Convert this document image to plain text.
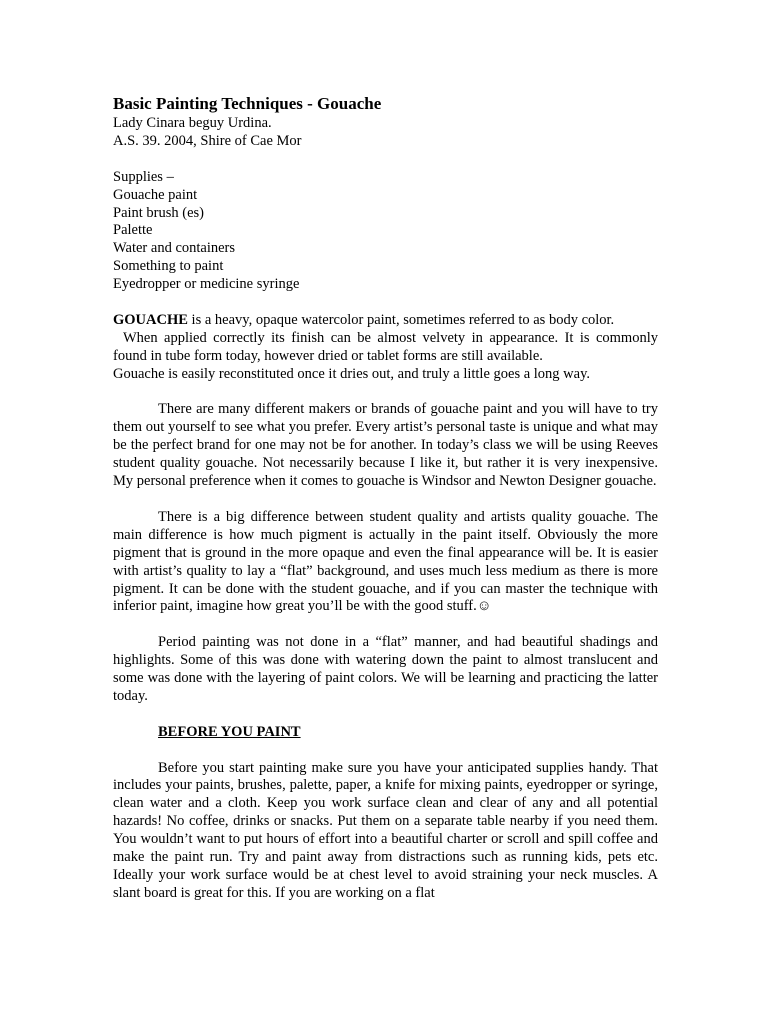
Basic Painting Techniques - Gouache

Lady Cinara beguy Urdina.

A.S. 39. 2004, Shire of Cae Mor

Supplies –

Gouache paint

Paint brush (es)

Palette

Water and containers

Something to paint

Eyedropper or medicine syringe

GOUACHE is a heavy, opaque watercolor paint, sometimes referred to as body color.

When applied correctly its finish can be almost velvety in appearance. It is commonly found in tube form today, however dried or tablet forms are still available.

Gouache is easily reconstituted once it dries out, and truly a little goes a long way.

There are many different makers or brands of gouache paint and you will have to try them out yourself to see what you prefer. Every artist’s personal taste is unique and what may be the perfect brand for one may not be for another. In today’s class we will be using Reeves student quality gouache. Not necessarily because I like it, but rather it is very inexpensive. My personal preference when it comes to gouache is Windsor and Newton Designer gouache.

There is a big difference between student quality and artists quality gouache. The main difference is how much pigment is actually in the paint itself. Obviously the more pigment that is ground in the more opaque and even the final appearance will be. It is easier with artist’s quality to lay a “flat” background, and uses much less medium as there is more pigment. It can be done with the student gouache, and if you can master the technique with inferior paint, imagine how great you’ll be with the good stuff.☺

Period painting was not done in a “flat” manner, and had beautiful shadings and highlights. Some of this was done with watering down the paint to almost translucent and some was done with the layering of paint colors. We will be learning and practicing the latter today.

BEFORE YOU PAINT

Before you start painting make sure you have your anticipated supplies handy. That includes your paints, brushes, palette, paper, a knife for mixing paints, eyedropper or syringe, clean water and a cloth. Keep you work surface clean and clear of any and all potential hazards! No coffee, drinks or snacks. Put them on a separate table nearby if you need them. You wouldn’t want to put hours of effort into a beautiful charter or scroll and spill coffee and make the paint run. Try and paint away from distractions such as running kids, pets etc. Ideally your work surface would be at chest level to avoid straining your neck muscles. A slant board is great for this. If you are working on a flat
